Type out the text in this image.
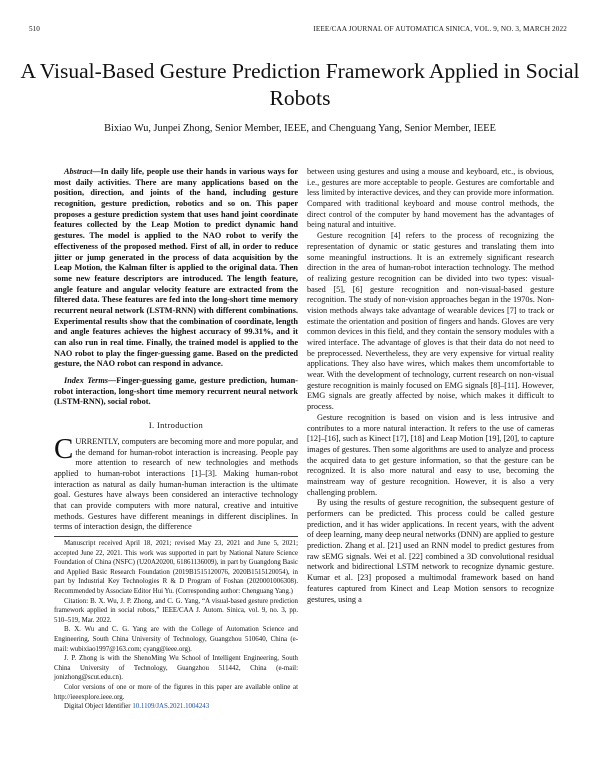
510	IEEE/CAA JOURNAL OF AUTOMATICA SINICA, VOL. 9, NO. 3, MARCH 2022
A Visual-Based Gesture Prediction Framework Applied in Social Robots
Bixiao Wu, Junpei Zhong, Senior Member, IEEE, and Chenguang Yang, Senior Member, IEEE

Abstract—In daily life, people use their hands in various ways for most daily activities. There are many applications based on the position, direction, and joints of the hand, including gesture recognition, gesture prediction, robotics and so on. This paper proposes a gesture prediction system that uses hand joint coordinate features collected by the Leap Motion to predict dynamic hand gestures. The model is applied to the NAO robot to verify the effectiveness of the proposed method. First of all, in order to reduce jitter or jump generated in the process of data acquisition by the Leap Motion, the Kalman filter is applied to the original data. Then some new feature descriptors are introduced. The length feature, angle feature and angular velocity feature are extracted from the filtered data. These features are fed into the long-short time memory recurrent neural network (LSTM-RNN) with different combinations. Experimental results show that the combination of coordinate, length and angle features achieves the highest accuracy of 99.31%, and it can also run in real time. Finally, the trained model is applied to the NAO robot to play the finger-guessing game. Based on the predicted gesture, the NAO robot can respond in advance.

Index Terms—Finger-guessing game, gesture prediction, human-robot interaction, long-short time memory recurrent neural network (LSTM-RNN), social robot.

I. Introduction

CURRENTLY, computers are becoming more and more popular, and the demand for human-robot interaction is increasing. People pay more attention to research of new technologies and methods applied to human-robot interactions [1]–[3]. Making human-robot interaction as natural as daily human-human interaction is the ultimate goal. Gestures have always been considered an interactive technology that can provide computers with more natural, creative and intuitive methods. Gestures have different meanings in different disciplines. In terms of interaction design, the difference

Manuscript received April 18, 2021; revised May 23, 2021 and June 5, 2021; accepted June 22, 2021. This work was supported in part by National Nature Science Foundation of China (NSFC) (U20A20200, 61861136009), in part by Guangdong Basic and Applied Basic Research Foundation (2019B1515120076, 2020B1515120054), in part by Industrial Key Technologies R & D Program of Foshan (2020001006308). Recommended by Associate Editor Hui Yu. (Corresponding author: Chenguang Yang.)

Citation: B. X. Wu, J. P. Zhong, and C. G. Yang, “A visual-based gesture prediction framework applied in social robots,” IEEE/CAA J. Autom. Sinica, vol. 9, no. 3, pp. 510–519, Mar. 2022.

B. X. Wu and C. G. Yang are with the College of Automation Science and Engineering, South China University of Technology, Guangzhou 510640, China (e-mail: wubixiao1997@163.com; cyang@ieee.org).

J. P. Zhong is with the ShenoMing Wu School of Intelligent Engineering, South China University of Technology, Guangzhou 511442, China (e-mail: jonizhong@scut.edu.cn).

Color versions of one or more of the figures in this paper are available online at http://ieeexplore.ieee.org.

Digital Object Identifier 10.1109/JAS.2021.1004243

between using gestures and using a mouse and keyboard, etc., is obvious, i.e., gestures are more acceptable to people. Gestures are comfortable and less limited by interactive devices, and they can provide more information. Compared with traditional keyboard and mouse control methods, the direct control of the computer by hand movement has the advantages of being natural and intuitive.

Gesture recognition [4] refers to the process of recognizing the representation of dynamic or static gestures and translating them into some meaningful instructions. It is an extremely significant research direction in the area of human-robot interaction technology. The method of realizing gesture recognition can be divided into two types: visual-based [5], [6] gesture recognition and non-visual-based gesture recognition. The study of non-vision approaches began in the 1970s. Non-vision methods always take advantage of wearable devices [7] to track or estimate the orientation and position of fingers and hands. Gloves are very common devices in this field, and they contain the sensory modules with a wired interface. The advantage of gloves is that their data do not need to be preprocessed. Nevertheless, they are very expensive for virtual reality applications. They also have wires, which makes them uncomfortable to wear. With the development of technology, current research on non-visual gesture recognition is mainly focused on EMG signals [8]–[11]. However, EMG signals are greatly affected by noise, which makes it difficult to process.

Gesture recognition is based on vision and is less intrusive and contributes to a more natural interaction. It refers to the use of cameras [12]–[16], such as Kinect [17], [18] and Leap Motion [19], [20], to capture images of gestures. Then some algorithms are used to analyze and process the acquired data to get gesture information, so that the gesture can be recognized. It is also more natural and easy to use, becoming the mainstream way of gesture recognition. However, it is also a very challenging problem.

By using the results of gesture recognition, the subsequent gesture of performers can be predicted. This process could be called gesture prediction, and it has wider applications. In recent years, with the advent of deep learning, many deep neural networks (DNN) are applied to gesture prediction. Zhang et al. [21] used an RNN model to predict gestures from raw sEMG signals. Wei et al. [22] combined a 3D convolutional residual network and bidirectional LSTM network to recognize dynamic gesture. Kumar et al. [23] proposed a multimodal framework based on hand features captured from Kinect and Leap Motion sensors to recognize gestures, using a
